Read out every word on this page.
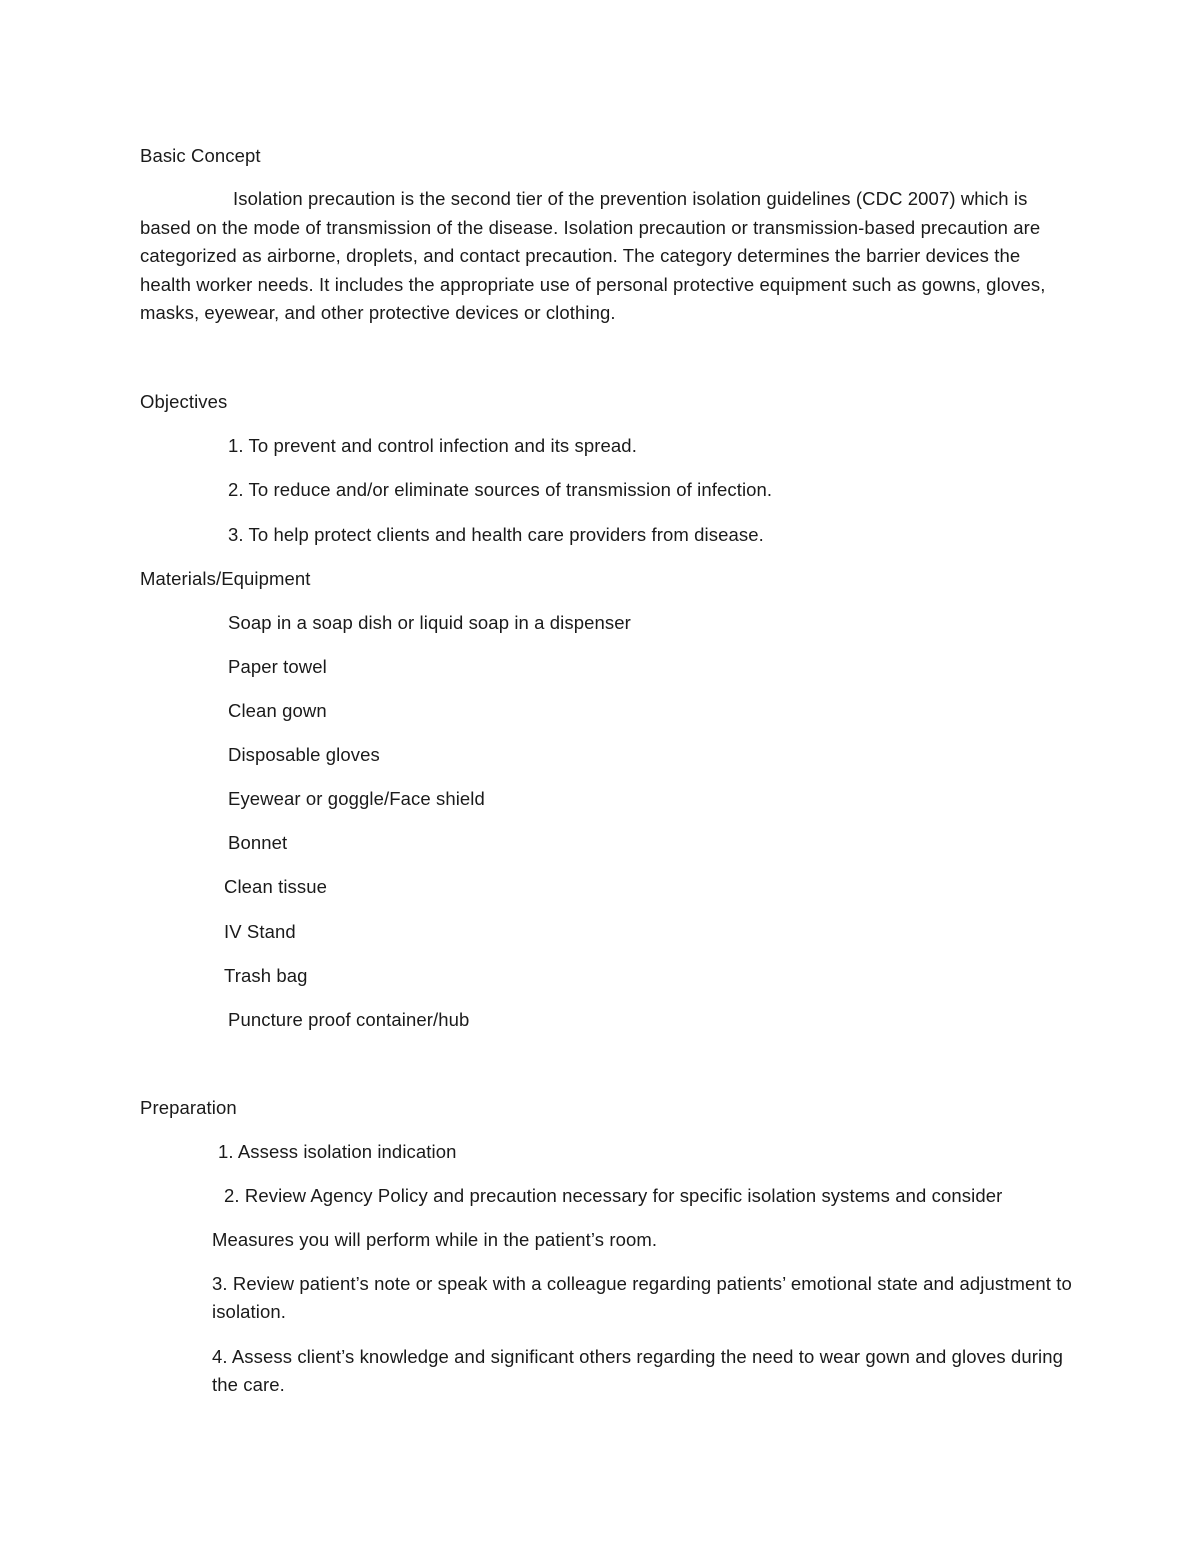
Basic Concept
Isolation precaution is the second tier of the prevention isolation guidelines (CDC 2007) which is based on the mode of transmission of the disease. Isolation precaution or transmission-based precaution are categorized as airborne, droplets, and contact precaution. The category determines the barrier devices the health worker needs. It includes the appropriate use of personal protective equipment such as gowns, gloves, masks, eyewear, and other protective devices or clothing.
Objectives
1. To prevent and control infection and its spread.
2. To reduce and/or eliminate sources of transmission of infection.
3. To help protect clients and health care providers from disease.
Materials/Equipment
Soap in a soap dish or liquid soap in a dispenser
Paper towel
Clean gown
Disposable gloves
Eyewear or goggle/Face shield
Bonnet
Clean tissue
IV Stand
Trash bag
Puncture proof container/hub
Preparation
1. Assess isolation indication
2. Review Agency Policy and precaution necessary for specific isolation systems and consider
Measures you will perform while in the patient’s room.
3. Review patient’s note or speak with a colleague regarding patients’ emotional state and adjustment to isolation.
4. Assess client’s knowledge and significant others regarding the need to wear gown and gloves during the care.
